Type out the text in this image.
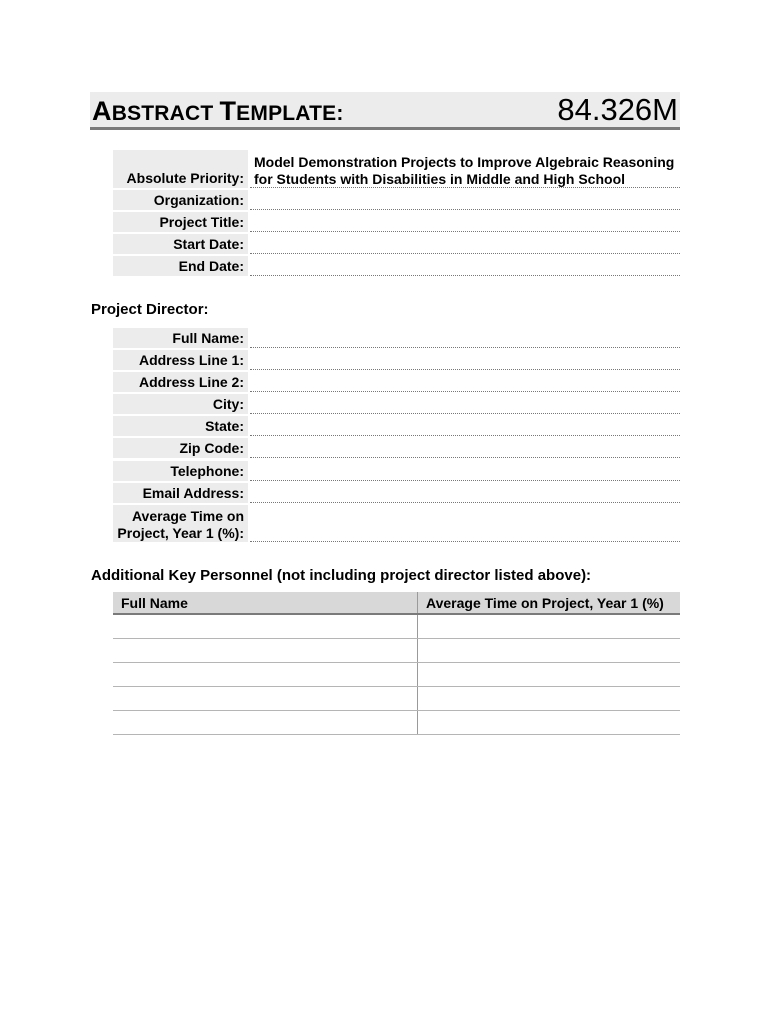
ABSTRACT TEMPLATE:	84.326M
Absolute Priority:
Model Demonstration Projects to Improve Algebraic Reasoning
for Students with Disabilities in Middle and High School
Organization:
Project Title:
Start Date:
End Date:
Project Director:
Full Name:
Address Line 1:
Address Line 2:
City:
State:
Zip Code:
Telephone:
Email Address:
Average Time on
Project, Year 1 (%):
Additional Key Personnel (not including project director listed above):
Full Name	Average Time on Project, Year 1 (%)
